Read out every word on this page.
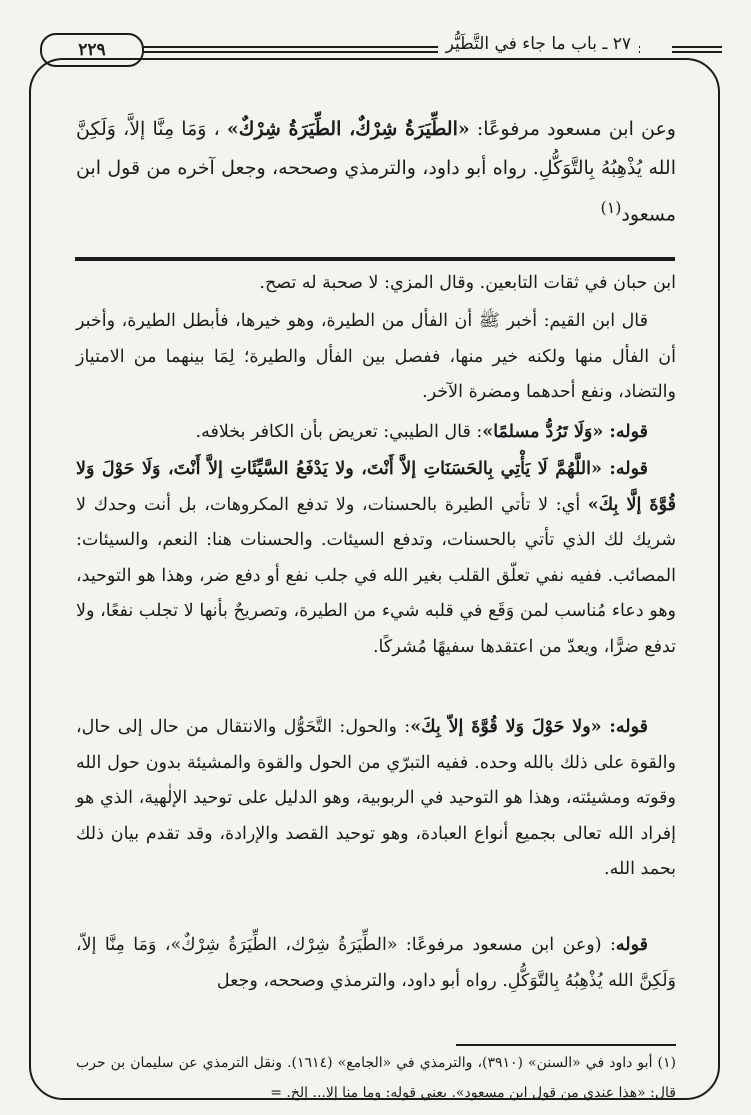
٢٧ ـ باب ما جاء في التَّطَيُّر
٢٢٩
وعن ابن مسعود مرفوعًا: «الطِّيَرَةُ شِرْكٌ، الطِّيَرَةُ شِرْكٌ» ، وَمَا مِنَّا إلاَّ، وَلَكِنَّ الله يُذْهِبُهُ بِالتَّوَكُّلِ. رواه أبو داود، والترمذي وصححه، وجعل آخره من قول ابن مسعود$^{(١)}$

ابن حبان في ثقات التابعين. وقال المزي: لا صحبة له تصح.

قال ابن القيم: أخبر ﷺ أن الفأل من الطيرة، وهو خيرها، فأبطل الطيرة، وأخبر أن الفأل منها ولكنه خير منها، ففصل بين الفأل والطيرة؛ لِمَا بينهما من الامتياز والتضاد، ونفع أحدهما ومضرة الآخر.

قوله: «وَلَا تَرُدُّ مسلمًا»: قال الطيبي: تعريض بأن الكافر بخلافه.

قوله: «اللَّهُمَّ لَا يَأْتِي بِالحَسَنَاتِ إلاَّ أَنْتَ، ولا يَدْفَعُ السَّيِّئَاتِ إلاَّ أَنْتَ، وَلَا حَوْلَ وَلا قُوَّةَ إلَّا بِكَ» أي: لا تأتي الطيرة بالحسنات، ولا تدفع المكروهات، بل أنت وحدك لا شريك لك الذي تأتي بالحسنات، وتدفع السيئات. والحسنات هنا: النعم، والسيئات: المصائب. ففيه نفي تعلّق القلب بغير الله في جلب نفع أو دفع ضر، وهذا هو التوحيد، وهو دعاء مُناسب لمن وَقَع في قلبه شيء من الطيرة، وتصريحٌ بأنها لا تجلب نفعًا، ولا تدفع ضرًّا، ويعدّ من اعتقدها سفيهًا مُشركًا.

قوله: «ولا حَوْلَ وَلا قُوَّةَ إلاّ بِكَ»: والحول: التَّحَوُّل والانتقال من حال إلى حال، والقوة على ذلك بالله وحده. ففيه التبرّي من الحول والقوة والمشيئة بدون حول الله وقوته ومشيئته، وهذا هو التوحيد في الربوبية، وهو الدليل على توحيد الإلٰهية، الذي هو إفراد الله تعالى بجميع أنواع العبادة، وهو توحيد القصد والإرادة، وقد تقدم بيان ذلك بحمد الله.

قوله: (وعن ابن مسعود مرفوعًا: «الطِّيَرَةُ شِرْك، الطِّيَرَةُ شِرْكٌ»، وَمَا مِنَّا إلاّ، وَلَكِنَّ الله يُذْهِبُهُ بِالتَّوَكُّلِ. رواه أبو داود، والترمذي وصححه، وجعل

(١) أبو داود في «السنن» (٣٩١٠)، والترمذي في «الجامع» (١٦١٤). ونقل الترمذي عن سليمان بن حرب قال: «هذا عندي من قول ابن مسعود». يعني قوله: وما منا إلا... إلخ. =
